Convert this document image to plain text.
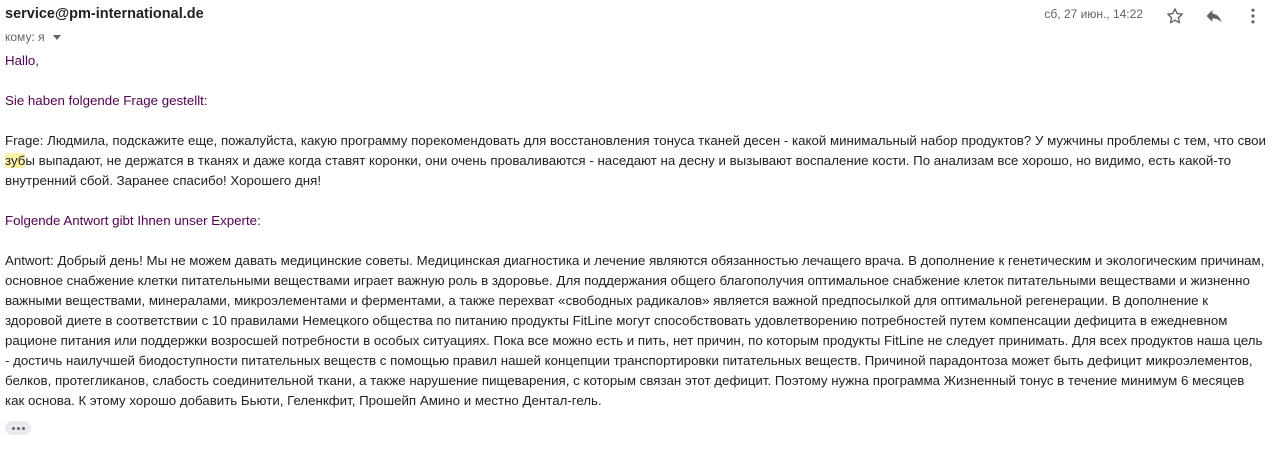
service@pm-international.de
кому: я
сб, 27 июн., 14:22

Hallo,

Sie haben folgende Frage gestellt:

Frage: Людмила, подскажите еще, пожалуйста, какую программу порекомендовать для восстановления тонуса тканей десен - какой минимальный набор продуктов? У мужчины проблемы с тем, что свои зубы выпадают, не держатся в тканях и даже когда ставят коронки, они очень проваливаются - наседают на десну и вызывают воспаление кости. По анализам все хорошо, но видимо, есть какой-то внутренний сбой. Заранее спасибо! Хорошего дня!

Folgende Antwort gibt Ihnen unser Experte:

Antwort: Добрый день! Мы не можем давать медицинские советы. Медицинская диагностика и лечение являются обязанностью лечащего врача. В дополнение к генетическим и экологическим причинам, основное снабжение клетки питательными веществами играет важную роль в здоровье. Для поддержания общего благополучия оптимальное снабжение клеток питательными веществами и жизненно важными веществами, минералами, микроэлементами и ферментами, а также перехват «свободных радикалов» является важной предпосылкой для оптимальной регенерации. В дополнение к здоровой диете в соответствии с 10 правилами Немецкого общества по питанию продукты FitLine могут способствовать удовлетворению потребностей путем компенсации дефицита в ежедневном рационе питания или поддержки возросшей потребности в особых ситуациях. Пока все можно есть и пить, нет причин, по которым продукты FitLine не следует принимать. Для всех продуктов наша цель - достичь наилучшей биодоступности питательных веществ с помощью правил нашей концепции транспортировки питательных веществ. Причиной парадонтоза может быть дефицит микроэлементов, белков, протегликанов, слабость соединительной ткани, а также нарушение пищеварения, с которым связан этот дефицит. Поэтому нужна программа Жизненный тонус в течение минимум 6 месяцев как основа. К этому хорошо добавить Бьюти, Геленкфит, Прошейп Амино и местно Дентал-гель.
